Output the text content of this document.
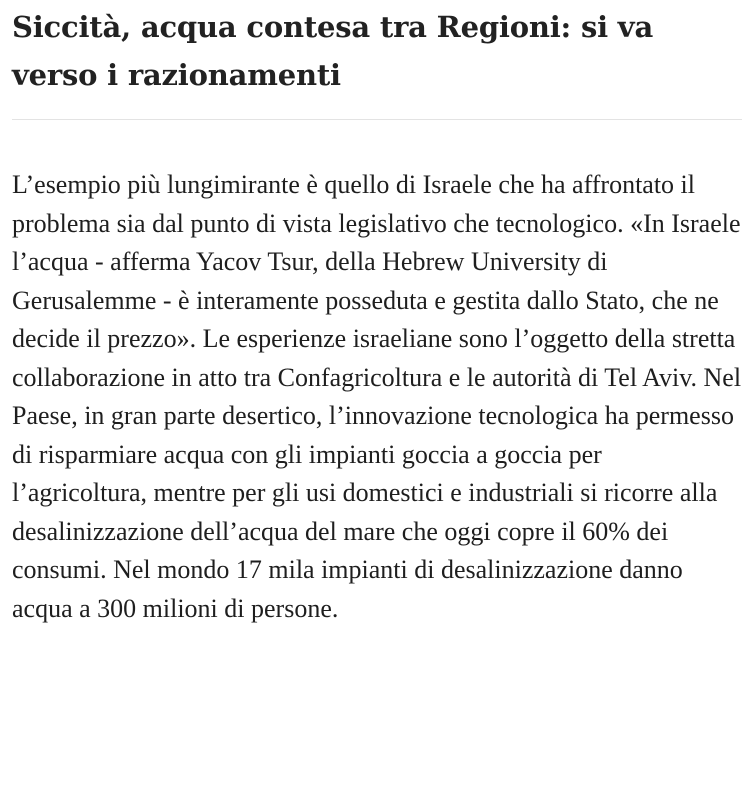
Siccità, acqua contesa tra Regioni: si va verso i razionamenti

L’esempio più lungimirante è quello di Israele che ha affrontato il problema sia dal punto di vista legislativo che tecnologico. «In Israele l’acqua - afferma Yacov Tsur, della Hebrew University di Gerusalemme - è interamente posseduta e gestita dallo Stato, che ne decide il prezzo». Le esperienze israeliane sono l’oggetto della stretta collaborazione in atto tra Confagricoltura e le autorità di Tel Aviv. Nel Paese, in gran parte desertico, l’innovazione tecnologica ha permesso di risparmiare acqua con gli impianti goccia a goccia per l’agricoltura, mentre per gli usi domestici e industriali si ricorre alla desalinizzazione dell’acqua del mare che oggi copre il 60% dei consumi. Nel mondo 17 mila impianti di desalinizzazione danno acqua a 300 milioni di persone.
